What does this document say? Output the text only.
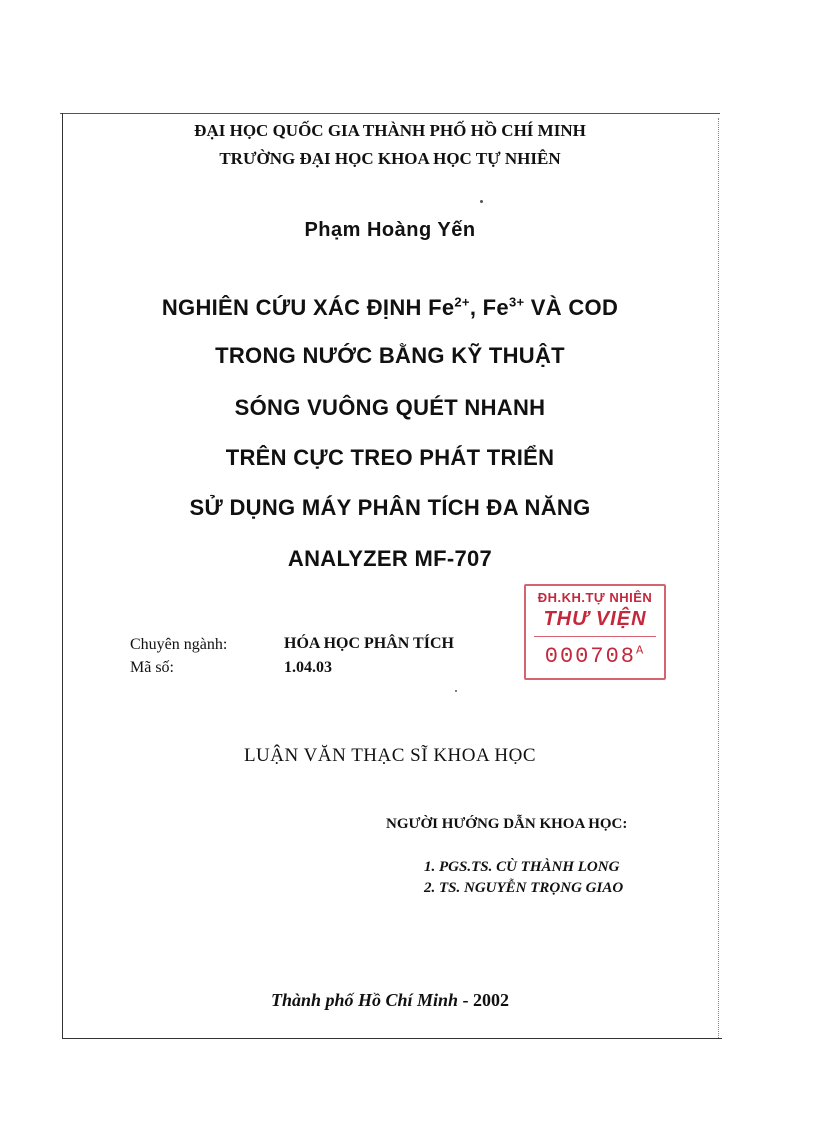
ĐẠI HỌC QUỐC GIA THÀNH PHỐ HỒ CHÍ MINH
TRƯỜNG ĐẠI HỌC KHOA HỌC TỰ NHIÊN
Phạm Hoàng Yến
NGHIÊN CỨU XÁC ĐỊNH $Fe^{2+}$, $Fe^{3+}$ VÀ COD
TRONG NƯỚC BẰNG KỸ THUẬT
SÓNG VUÔNG QUÉT NHANH
TRÊN CỰC TREO PHÁT TRIỂN
SỬ DỤNG MÁY PHÂN TÍCH ĐA NĂNG
ANALYZER MF-707
Chuyên ngành:	HÓA HỌC PHÂN TÍCH
Mã số:	1.04.03
ĐH.KH.TỰ NHIÊN
THƯ VIỆN
$000708^A$
LUẬN VĂN THẠC SĨ KHOA HỌC
NGƯỜI HƯỚNG DẪN KHOA HỌC:
1. PGS.TS. CÙ THÀNH LONG
2. TS. NGUYỄN TRỌNG GIAO
Thành phố Hồ Chí Minh - 2002
